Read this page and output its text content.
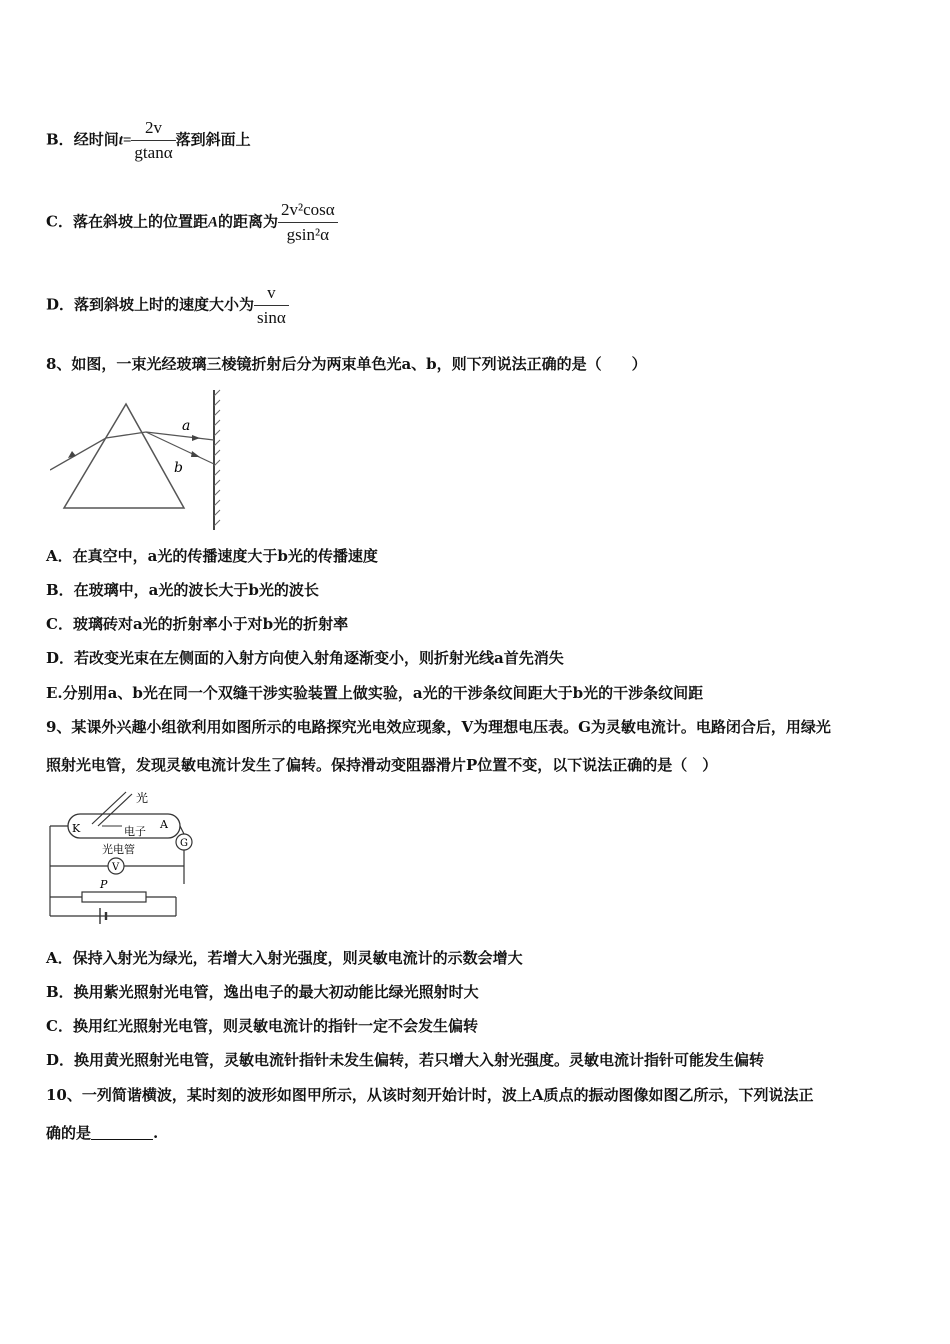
B．经时间$t= \frac{2v}{gtan\alpha}$ 落到斜面上
C．落在斜坡上的位置距A的距离为 $\frac{\text{2v²cosα}}{\text{gsin²α}}$
D．落到斜坡上时的速度大小为 $\frac{v}{\sin\alpha}$
8、如图，一束光经玻璃三棱镜折射后分为两束单色光a、b，则下列说法正确的是（　　）
a
b
A．在真空中，a光的传播速度大于b光的传播速度
B．在玻璃中，a光的波长大于b光的波长
C．玻璃砖对a光的折射率小于对b光的折射率
D．若改变光束在左侧面的入射方向使入射角逐渐变小，则折射光线a首先消失
E.分别用a、b光在同一个双缝干涉实验装置上做实验，a光的干涉条纹间距大于b光的干涉条纹间距
9、某课外兴趣小组欲利用如图所示的电路探究光电效应现象，V为理想电压表。G为灵敏电流计。电路闭合后，用绿光
照射光电管，发现灵敏电流计发生了偏转。保持滑动变阻器滑片P位置不变，以下说法正确的是（　）
光
K	电子
A
光电管	G
V
P
A．保持入射光为绿光，若增大入射光强度，则灵敏电流计的示数会增大
B．换用紫光照射光电管，逸出电子的最大初动能比绿光照射时大
C．换用红光照射光电管，则灵敏电流计的指针一定不会发生偏转
D．换用黄光照射光电管，灵敏电流针指针未发生偏转，若只增大入射光强度。灵敏电流计指针可能发生偏转
10、一列简谐横波，某时刻的波形如图甲所示，从该时刻开始计时，波上A质点的振动图像如图乙所示，下列说法正
确的是	.
